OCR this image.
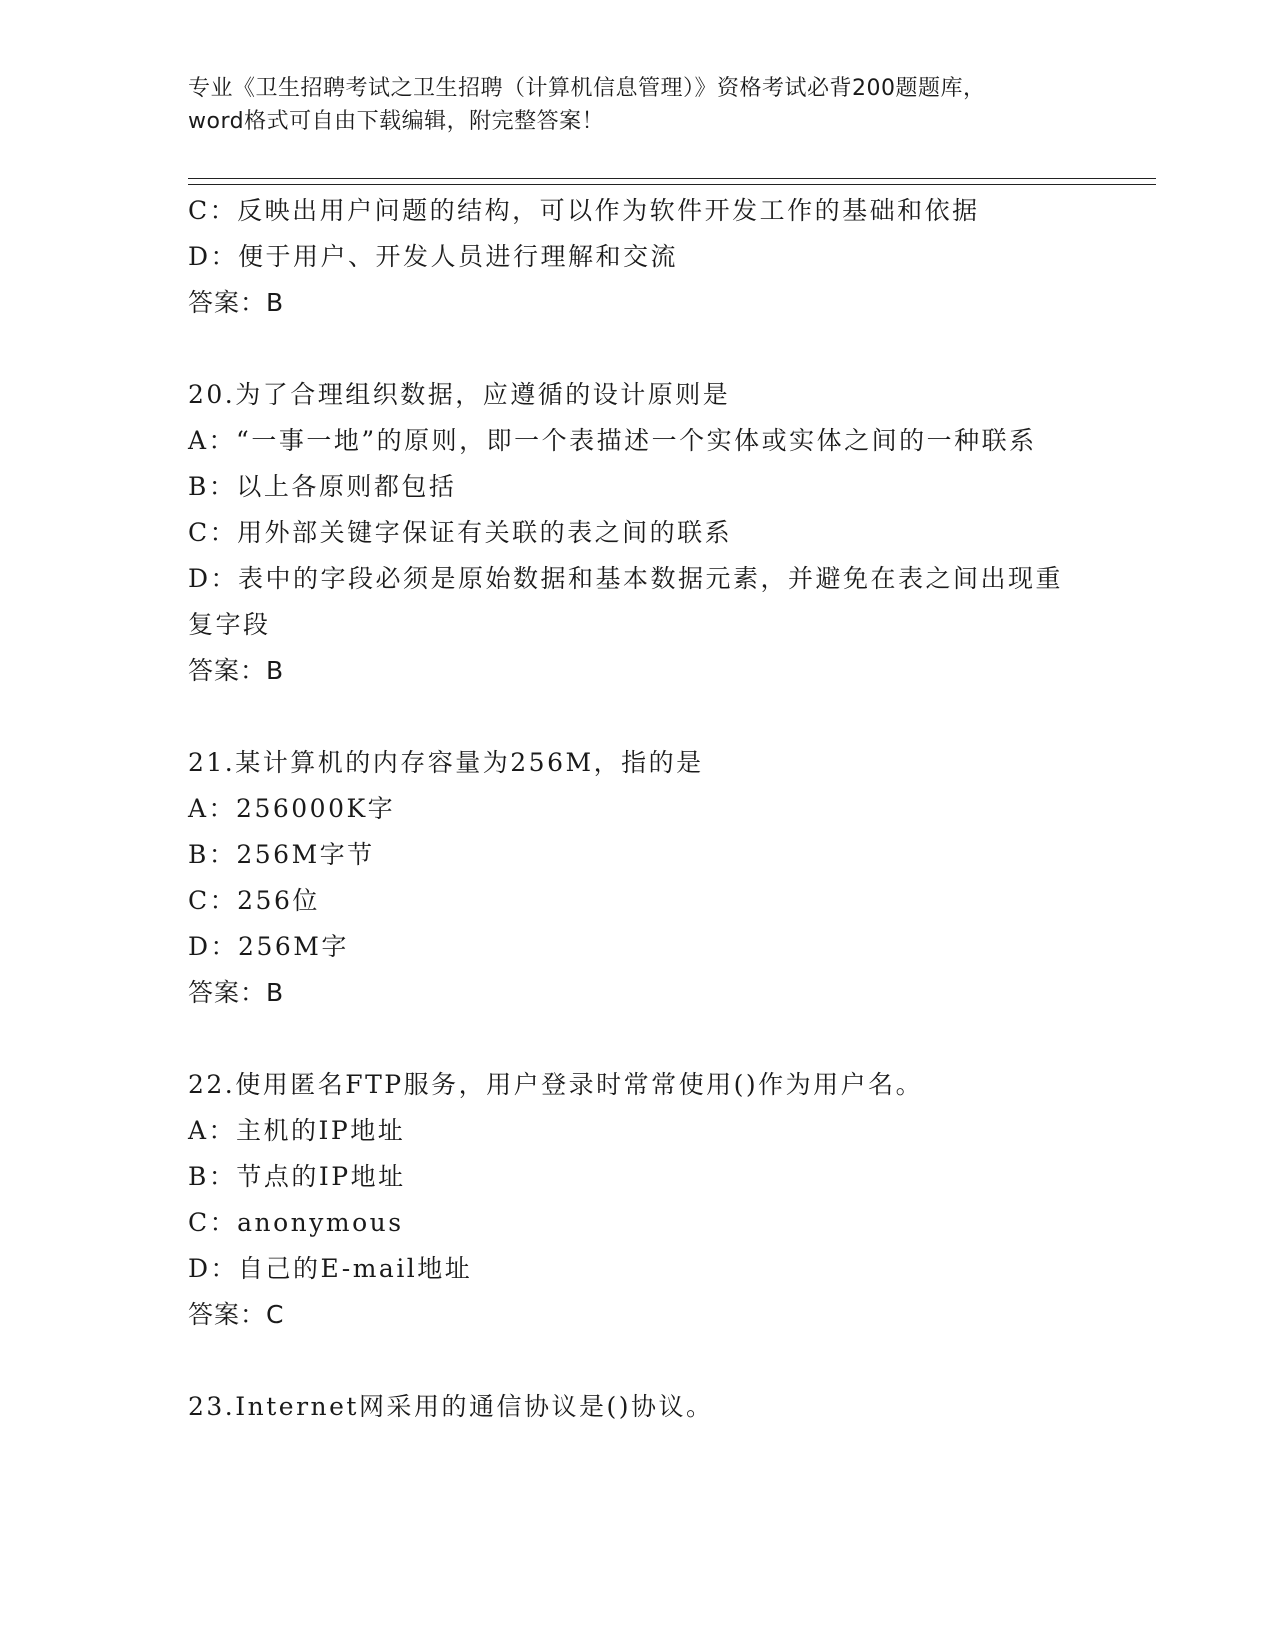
专业《卫生招聘考试之卫生招聘（计算机信息管理）》资格考试必背200题题库，
word格式可自由下载编辑，附完整答案！
C：反映出用户问题的结构，可以作为软件开发工作的基础和依据
D：便于用户、开发人员进行理解和交流
答案：B
20.为了合理组织数据，应遵循的设计原则是
A：“一事一地”的原则，即一个表描述一个实体或实体之间的一种联系
B：以上各原则都包括
C：用外部关键字保证有关联的表之间的联系
D：表中的字段必须是原始数据和基本数据元素，并避免在表之间出现重复字段
答案：B
21.某计算机的内存容量为256M，指的是
A：256000K字
B：256M字节
C：256位
D：256M字
答案：B
22.使用匿名FTP服务，用户登录时常常使用()作为用户名。
A：主机的IP地址
B：节点的IP地址
C：anonymous
D：自己的E-mail地址
答案：C
23.Internet网采用的通信协议是()协议。
